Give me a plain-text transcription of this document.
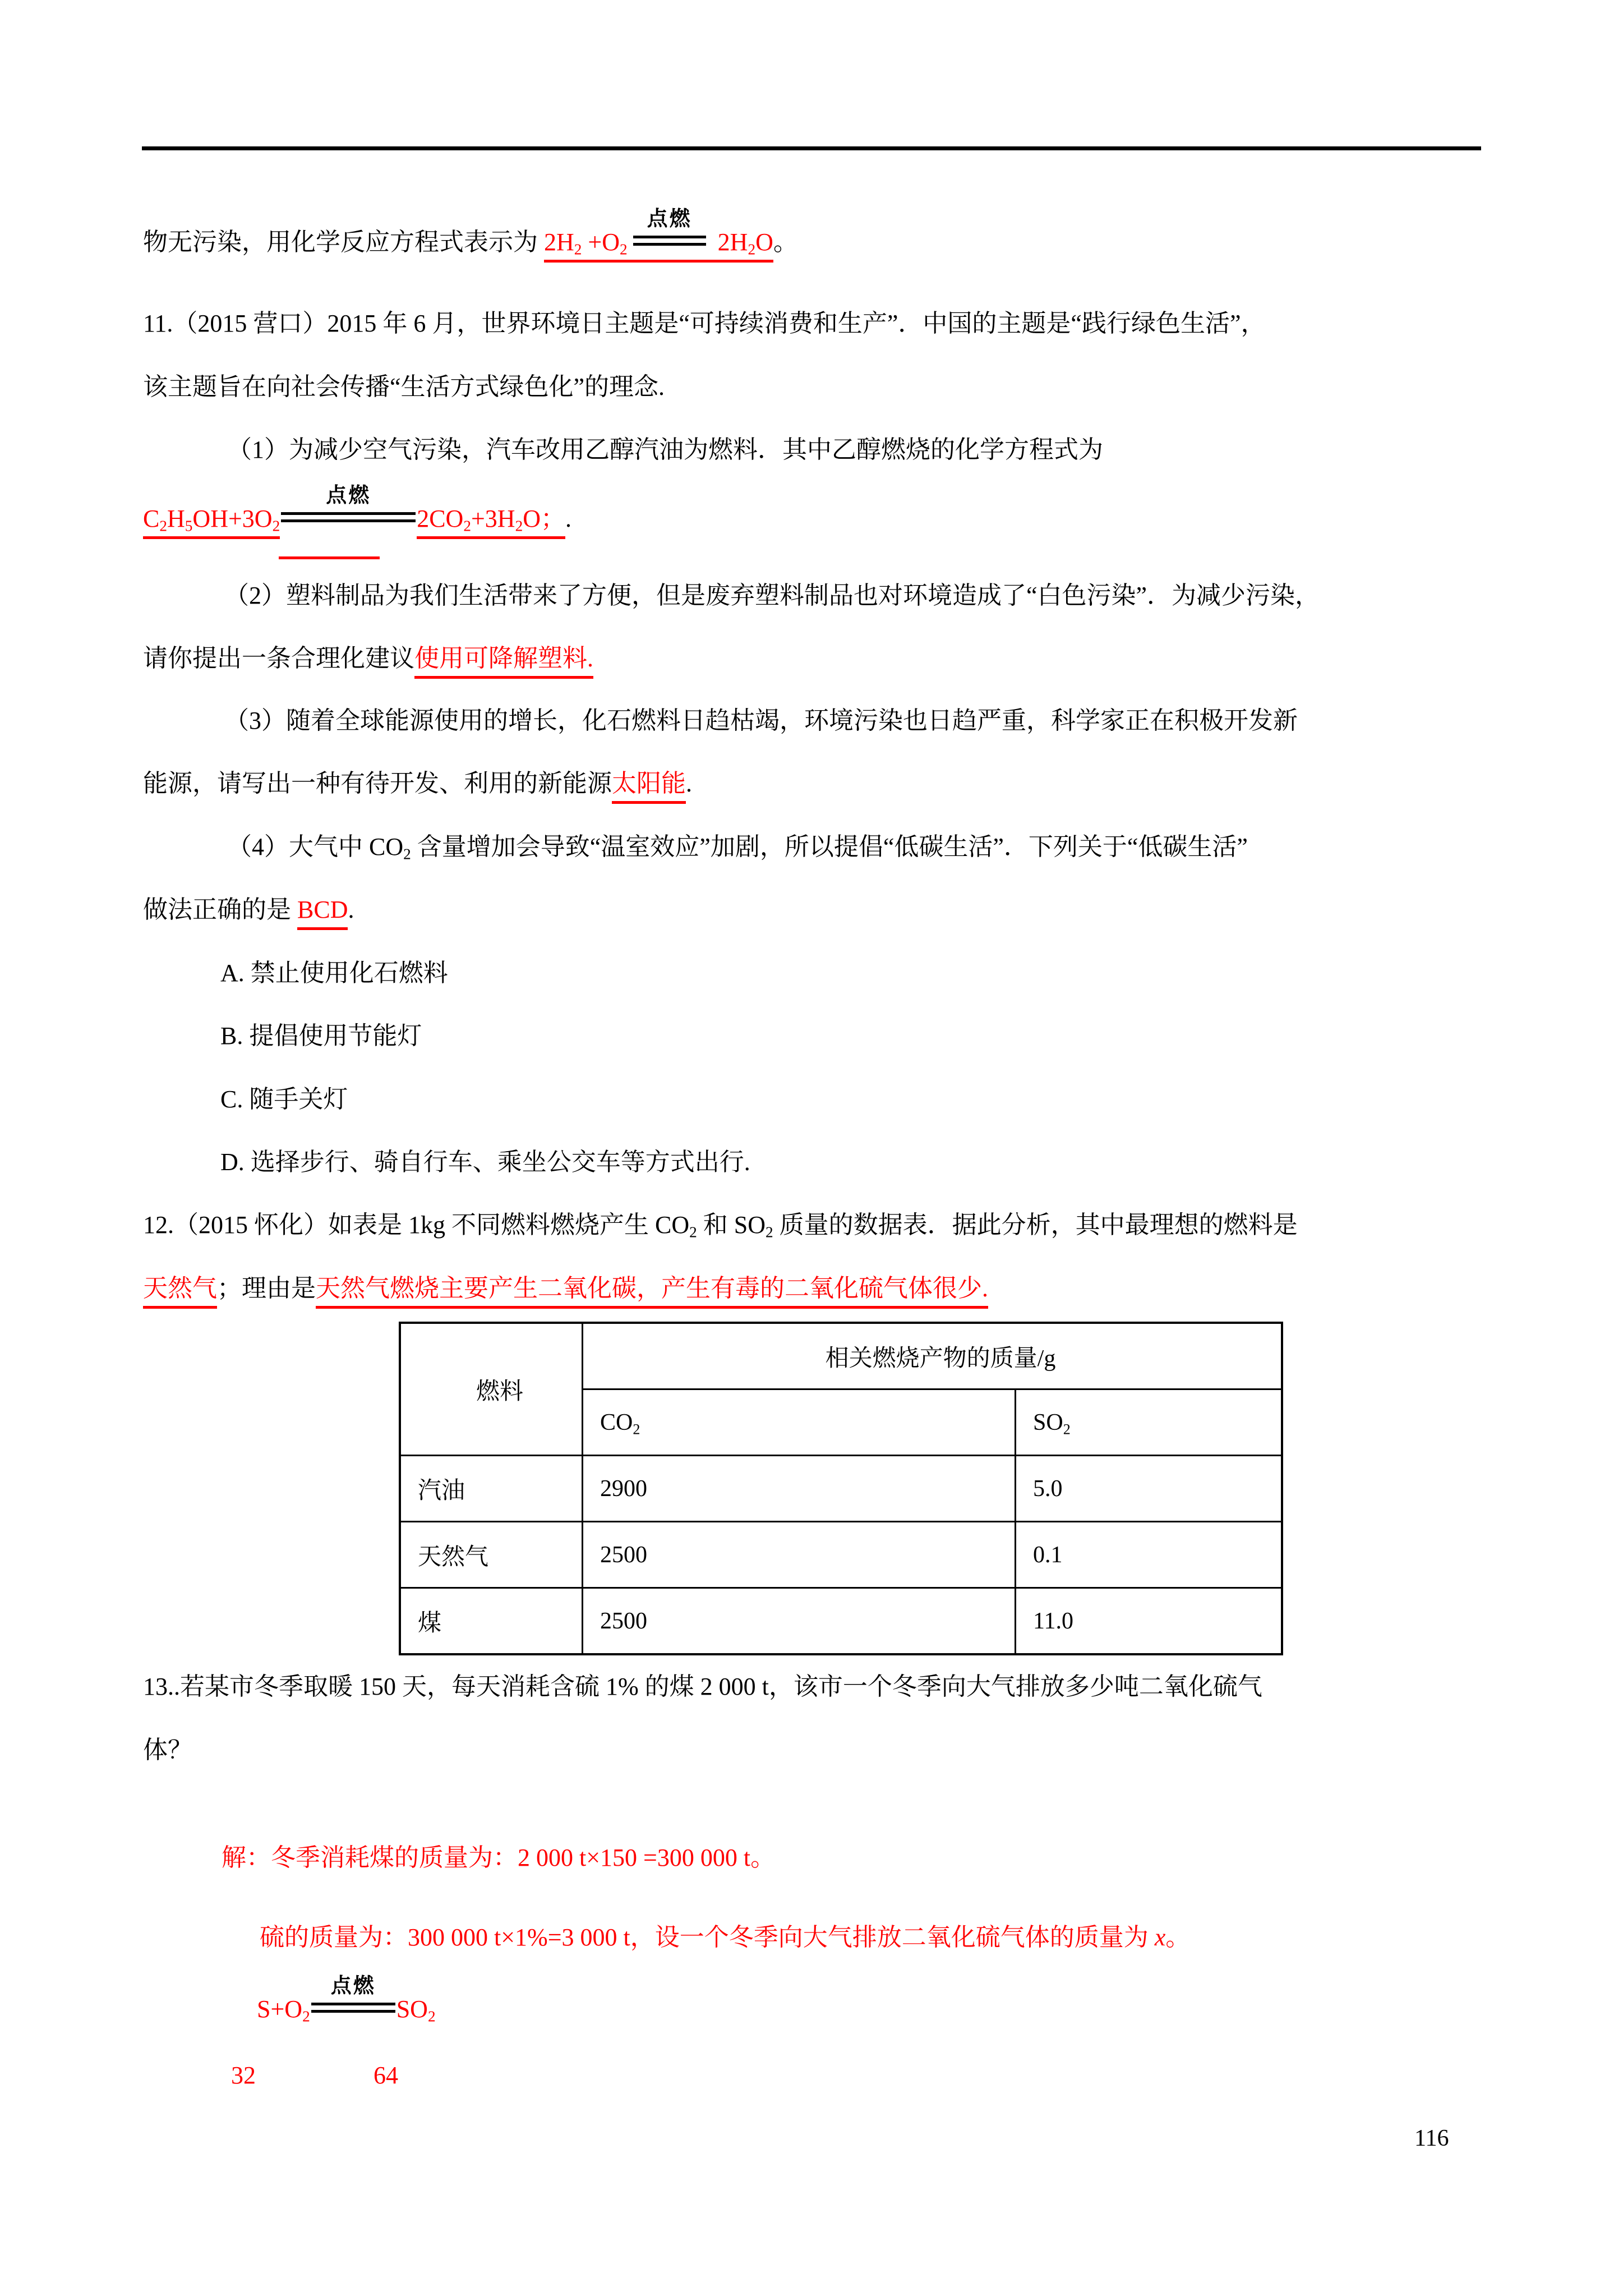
物无污染，用化学反应方程式表示为 $2H_2 +O_2$
点燃
$2H_2O$。
11.（2015 营口）2015 年 6 月，世界环境日主题是“可持续消费和生产”．中国的主题是“践行绿色生活”，
该主题旨在向社会传播“生活方式绿色化”的理念.
（1）为减少空气污染，汽车改用乙醇汽油为燃料．其中乙醇燃烧的化学方程式为
$C_2H_5OH+3O_2$
点燃
$2CO_2+3H_2O$；.
（2）塑料制品为我们生活带来了方便，但是废弃塑料制品也对环境造成了“白色污染”．为减少污染，
请你提出一条合理化建议使用可降解塑料.
（3）随着全球能源使用的增长，化石燃料日趋枯竭，环境污染也日趋严重，科学家正在积极开发新
能源，请写出一种有待开发、利用的新能源太阳能.
（4）大气中 $CO_2$ 含量增加会导致“温室效应”加剧，所以提倡“低碳生活”．下列关于“低碳生活”
做法正确的是 BCD.
A. 禁止使用化石燃料
B. 提倡使用节能灯
C. 随手关灯
D. 选择步行、骑自行车、乘坐公交车等方式出行.
12.（2015 怀化）如表是 1kg 不同燃料燃烧产生 $CO_2$ 和 $SO_2$ 质量的数据表．据此分析，其中最理想的燃料是
天然气；理由是天然气燃烧主要产生二氧化碳，产生有毒的二氧化硫气体很少.
燃料	相关燃烧产物的质量/g	
	$CO_2$	$SO_2$
汽油	2900	5.0
天然气	2500	0.1
煤	2500	11.0
13..若某市冬季取暖 150 天，每天消耗含硫 1% 的煤 2 000 t，该市一个冬季向大气排放多少吨二氧化硫气
体？
解：冬季消耗煤的质量为：2 000 t×150 =300 000 t。
硫的质量为：300 000 t×1%=3 000 t，设一个冬季向大气排放二氧化硫气体的质量为 x。
$S+O_2$
点燃
$SO_2$
32	64
116
